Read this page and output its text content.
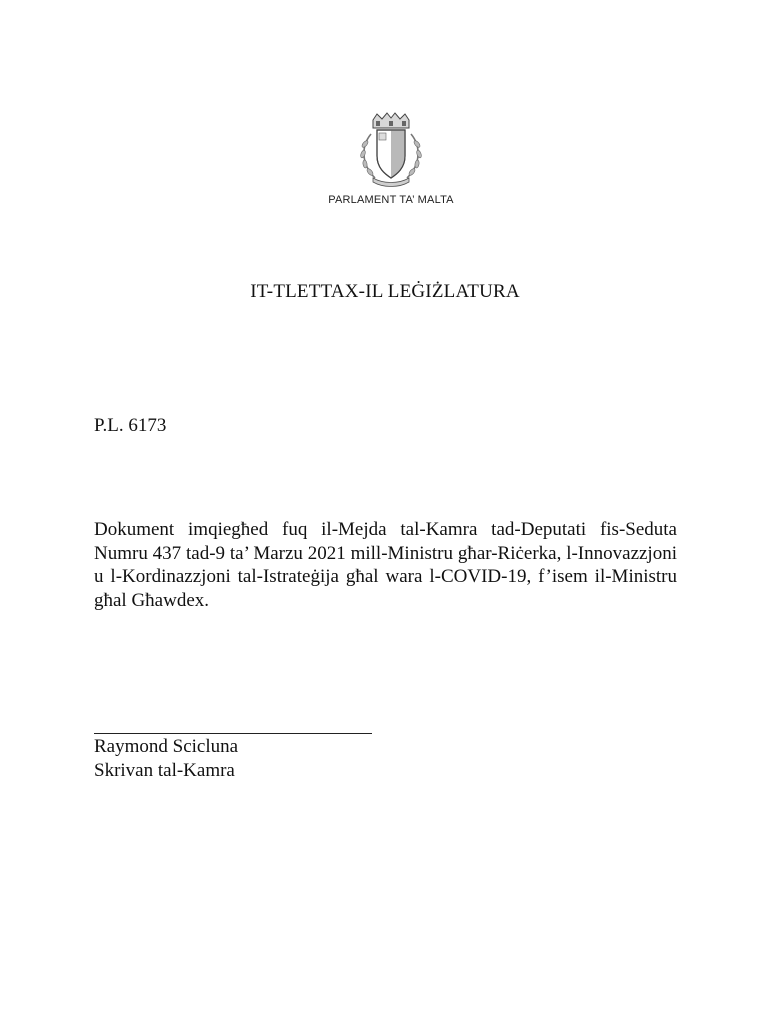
PARLAMENT TA’ MALTA
IT-TLETTAX-IL LEĠIŻLATURA
P.L. 6173

Dokument imqiegħed fuq il-Mejda tal-Kamra tad-Deputati fis-Seduta Numru 437 tad-9 ta’ Marzu 2021 mill-Ministru għar-Riċerka, l-Innovazzjoni u l-Kordinazzjoni tal-Istrateġija għal wara l-COVID-19, f’isem il-Ministru għal Għawdex.

Raymond Scicluna
Skrivan tal-Kamra
